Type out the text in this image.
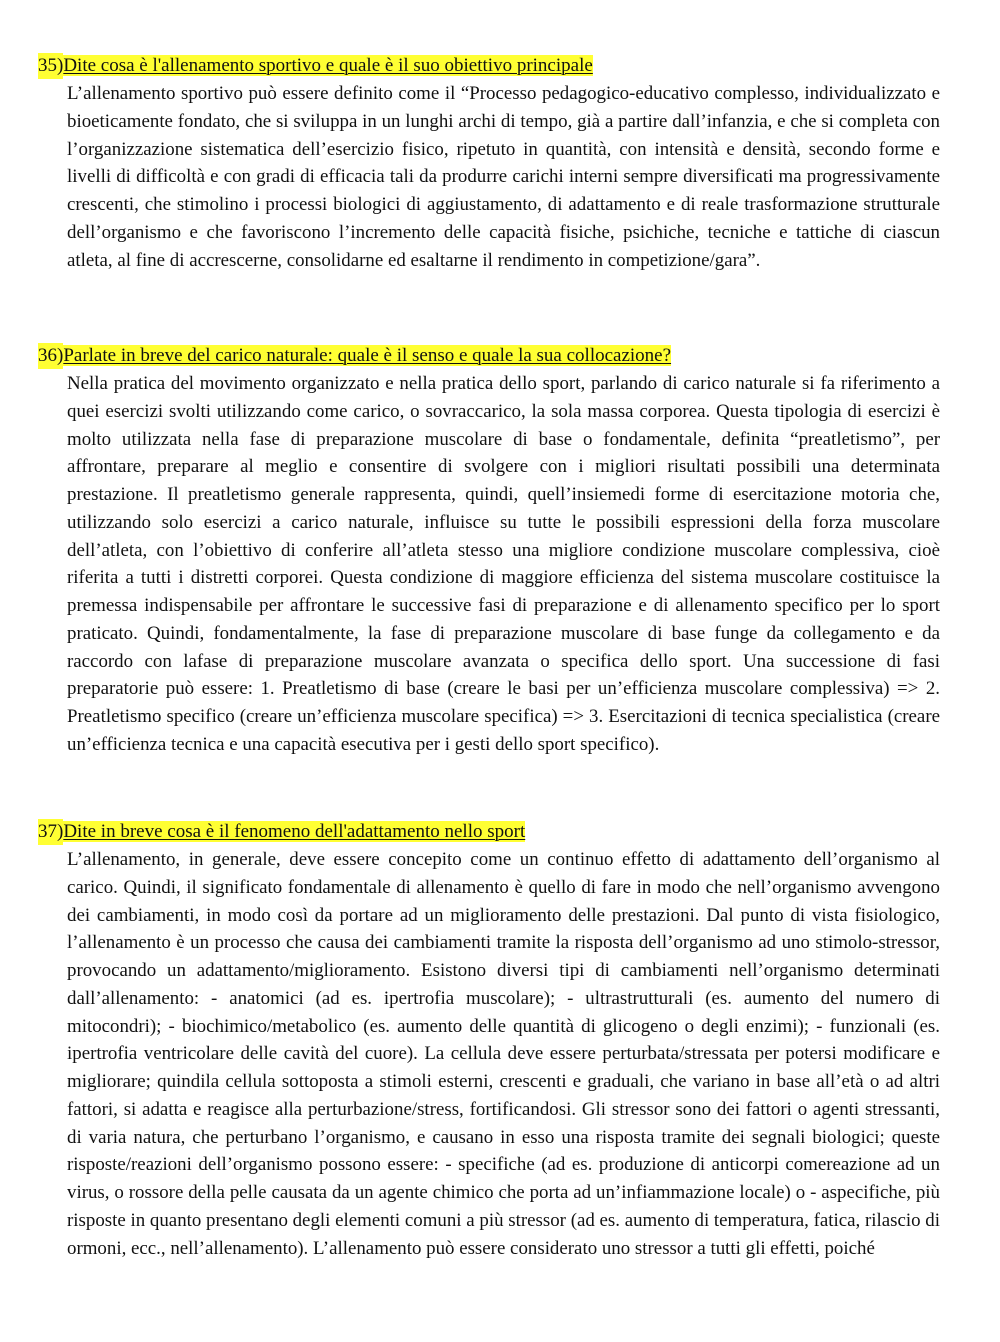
35)Dite cosa è l'allenamento sportivo e quale è il suo obiettivo principale
L’allenamento sportivo può essere definito come il “Processo pedagogico-educativo complesso, individualizzato e bioeticamente fondato, che si sviluppa in un lunghi archi di tempo, già a partire dall’infanzia, e che si completa con l’organizzazione sistematica dell’esercizio fisico, ripetuto in quantità, con intensità e densità, secondo forme e livelli di difficoltà e con gradi di efficacia tali da produrre carichi interni sempre diversificati ma progressivamente crescenti, che stimolino i processi biologici di aggiustamento, di adattamento e di reale trasformazione strutturale dell’organismo e che favoriscono l’incremento delle capacità fisiche, psichiche, tecniche e tattiche di ciascun atleta, al fine di accrescerne, consolidarne ed esaltarne il rendimento in competizione/gara”.
36)Parlate in breve del carico naturale: quale è il senso e quale la sua collocazione?
Nella pratica del movimento organizzato e nella pratica dello sport, parlando di carico naturale si fa riferimento a quei esercizi svolti utilizzando come carico, o sovraccarico, la sola massa corporea. Questa tipologia di esercizi è molto utilizzata nella fase di preparazione muscolare di base o fondamentale, definita “preatletismo”, per affrontare, preparare al meglio e consentire di svolgere con i migliori risultati possibili una determinata prestazione. Il preatletismo generale rappresenta, quindi, quell’insiemedi forme di esercitazione motoria che, utilizzando solo esercizi a carico naturale, influisce su tutte le possibili espressioni della forza muscolare dell’atleta, con l’obiettivo di conferire all’atleta stesso una migliore condizione muscolare complessiva, cioè riferita a tutti i distretti corporei. Questa condizione di maggiore efficienza del sistema muscolare costituisce la premessa indispensabile per affrontare le successive fasi di preparazione e di allenamento specifico per lo sport praticato. Quindi, fondamentalmente, la fase di preparazione muscolare di base funge da collegamento e da raccordo con lafase di preparazione muscolare avanzata o specifica dello sport. Una successione di fasi preparatorie può essere: 1. Preatletismo di base (creare le basi per un’efficienza muscolare complessiva) => 2. Preatletismo specifico (creare un’efficienza muscolare specifica) => 3. Esercitazioni di tecnica specialistica (creare un’efficienza tecnica e una capacità esecutiva per i gesti dello sport specifico).
37)Dite in breve cosa è il fenomeno dell'adattamento nello sport
L’allenamento, in generale, deve essere concepito come un continuo effetto di adattamento dell’organismo al carico. Quindi, il significato fondamentale di allenamento è quello di fare in modo che nell’organismo avvengono dei cambiamenti, in modo così da portare ad un miglioramento delle prestazioni. Dal punto di vista fisiologico, l’allenamento è un processo che causa dei cambiamenti tramite la risposta dell’organismo ad uno stimolo-stressor, provocando un adattamento/miglioramento. Esistono diversi tipi di cambiamenti nell’organismo determinati dall’allenamento: - anatomici (ad es. ipertrofia muscolare); - ultrastrutturali (es. aumento del numero di mitocondri); - biochimico/metabolico (es. aumento delle quantità di glicogeno o degli enzimi); - funzionali (es. ipertrofia ventricolare delle cavità del cuore). La cellula deve essere perturbata/stressata per potersi modificare e migliorare; quindila cellula sottoposta a stimoli esterni, crescenti e graduali, che variano in base all’età o ad altri fattori, si adatta e reagisce alla perturbazione/stress, fortificandosi. Gli stressor sono dei fattori o agenti stressanti, di varia natura, che perturbano l’organismo, e causano in esso una risposta tramite dei segnali biologici; queste risposte/reazioni dell’organismo possono essere: - specifiche (ad es. produzione di anticorpi comereazione ad un virus, o rossore della pelle causata da un agente chimico che porta ad un’infiammazione locale) o - aspecifiche, più risposte in quanto presentano degli elementi comuni a più stressor (ad es. aumento di temperatura, fatica, rilascio di ormoni, ecc., nell’allenamento). L’allenamento può essere considerato uno stressor a tutti gli effetti, poiché
